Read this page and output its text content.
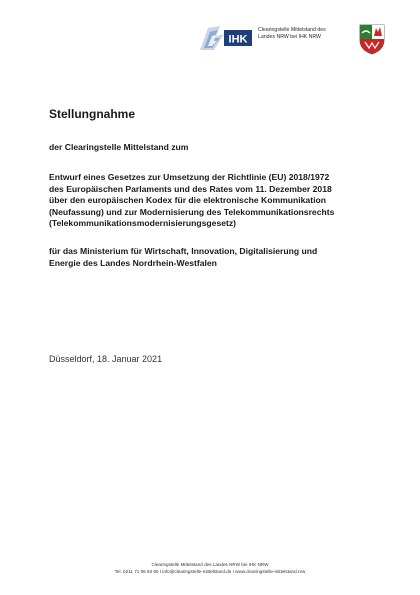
IHK
Clearingstelle Mittelstand des
Landes NRW bei IHK NRW
Stellungnahme

der Clearingstelle Mittelstand zum

Entwurf eines Gesetzes zur Umsetzung der Richtlinie (EU) 2018/1972
des Europäischen Parlaments und des Rates vom 11. Dezember 2018
über den europäischen Kodex für die elektronische Kommunikation
(Neufassung) und zur Modernisierung des Telekommunikationsrechts
(Telekommunikationsmodernisierungsgesetz)

für das Ministerium für Wirtschaft, Innovation, Digitalisierung und
Energie des Landes Nordrhein-Westfalen

Düsseldorf, 18. Januar 2021

Clearingstelle Mittelstand des Landes NRW bei IHK NRW
Tel. 0211 71 06 63 90 I info@clearingstelle-mittelstand.de I www.clearingstelle-mittelstand.nrw
